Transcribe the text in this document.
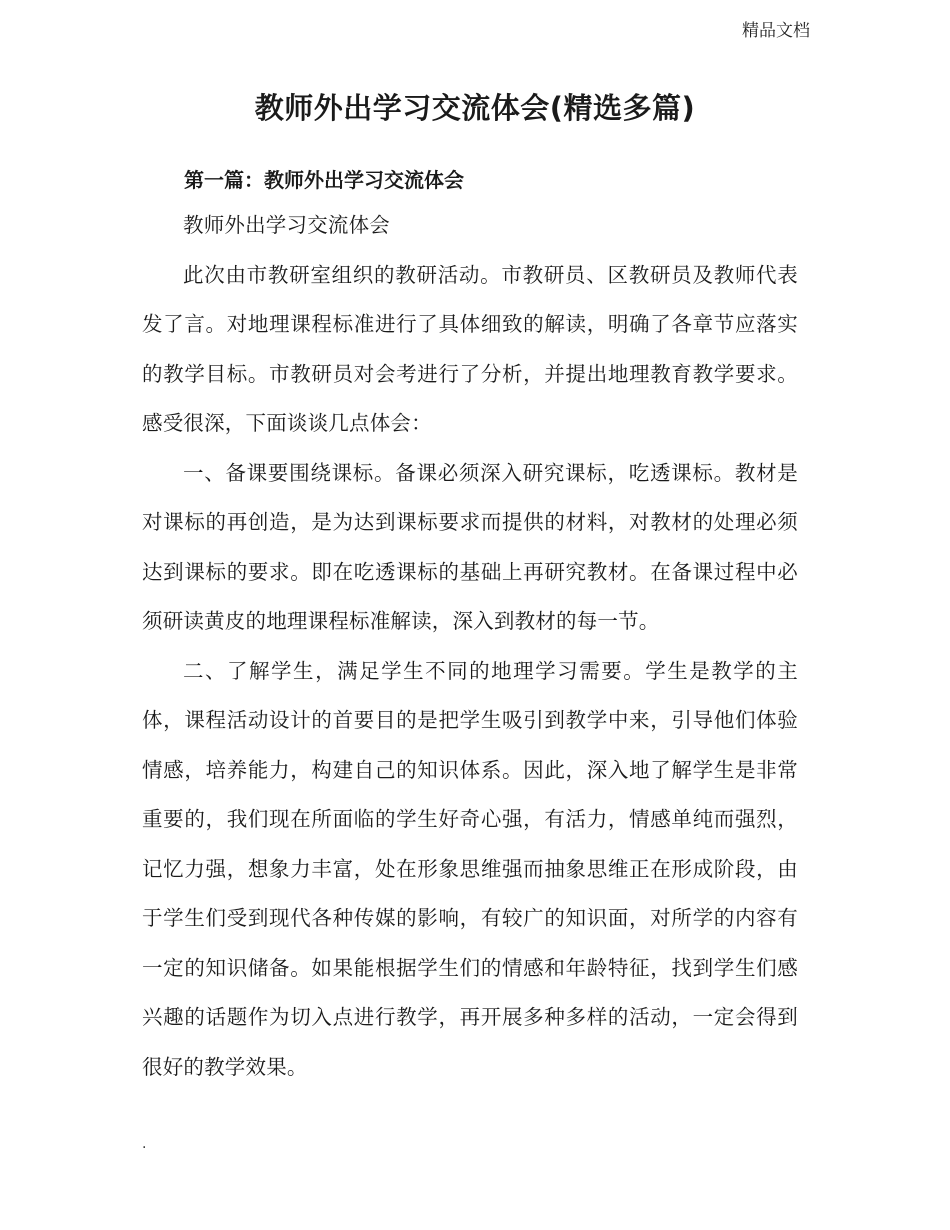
精品文档
教师外出学习交流体会(精选多篇)
第一篇：教师外出学习交流体会

教师外出学习交流体会

此次由市教研室组织的教研活动。市教研员、区教研员及教师代表发了言。对地理课程标准进行了具体细致的解读，明确了各章节应落实的教学目标。市教研员对会考进行了分析，并提出地理教育教学要求。感受很深，下面谈谈几点体会：

一、备课要围绕课标。备课必须深入研究课标，吃透课标。教材是对课标的再创造，是为达到课标要求而提供的材料，对教材的处理必须达到课标的要求。即在吃透课标的基础上再研究教材。在备课过程中必须研读黄皮的地理课程标准解读，深入到教材的每一节。

二、了解学生，满足学生不同的地理学习需要。学生是教学的主体，课程活动设计的首要目的是把学生吸引到教学中来，引导他们体验情感，培养能力，构建自己的知识体系。因此，深入地了解学生是非常重要的，我们现在所面临的学生好奇心强，有活力，情感单纯而强烈，记忆力强，想象力丰富，处在形象思维强而抽象思维正在形成阶段，由于学生们受到现代各种传媒的影响，有较广的知识面，对所学的内容有一定的知识储备。如果能根据学生们的情感和年龄特征，找到学生们感兴趣的话题作为切入点进行教学，再开展多种多样的活动，一定会得到很好的教学效果。

.
